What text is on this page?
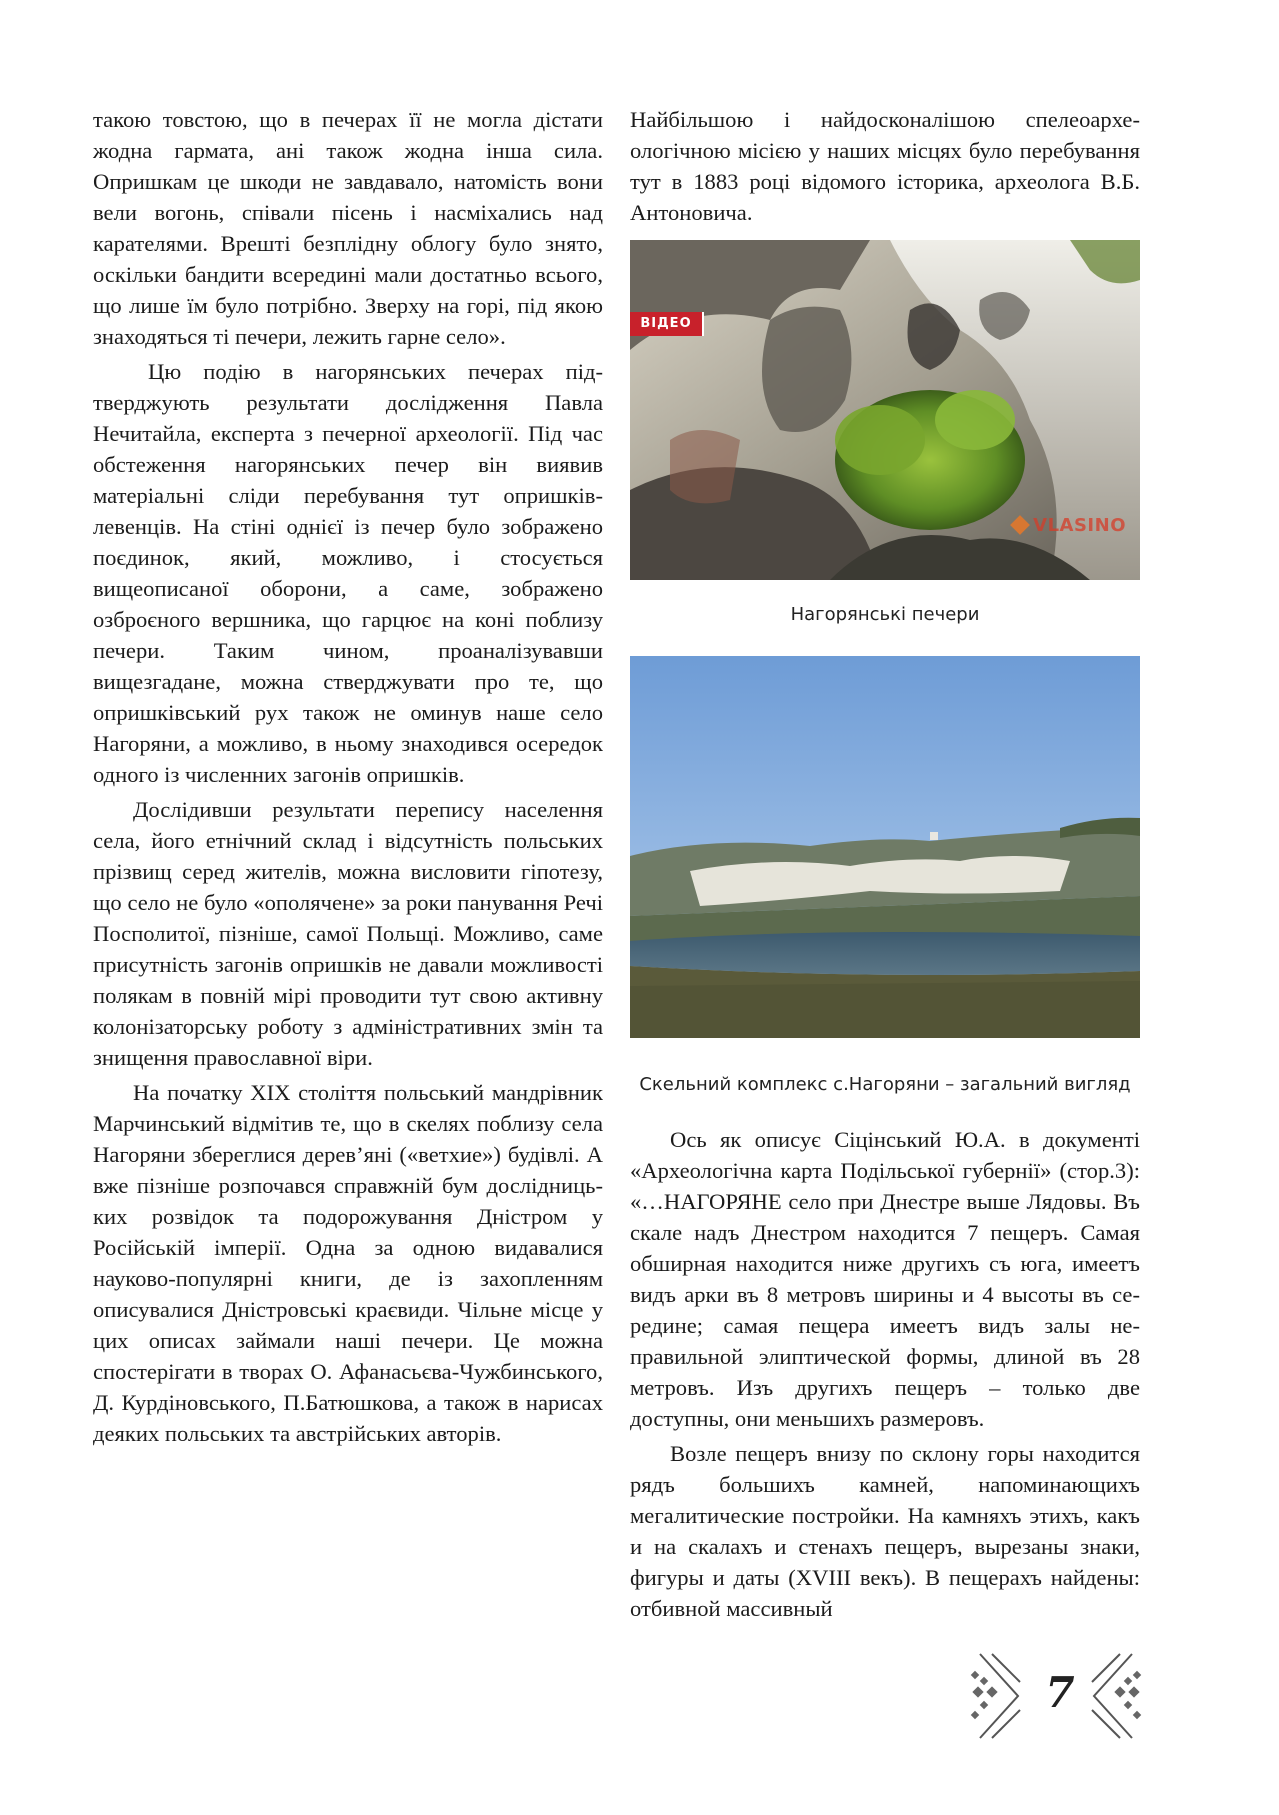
такою товстою, що в печерах її не могла дістати жодна гармата, ані також жодна інша сила. Опришкам це шкоди не завдавало, натомість вони вели вогонь, співали пісень і насміхались над карателями. Врешті безплідну облогу було знято, оскільки бандити всередині мали достатньо всього, що лише їм було потрібно. Зверху на горі, під якою знаходяться ті печери, лежить гарне село».

Цю подію в нагорянських печерах підтверджують результати дослідження Павла Нечитайла, експерта з печерної археології. Під час обстеження нагорянських печер він виявив матеріальні сліди перебування тут опришків-левенців. На стіні однієї із печер було зображено поєдинок, який, можливо, і стосується вищеописаної оборони, а саме, зображено озброєного вершника, що гарцює на коні поблизу печери. Таким чином, проаналізувавши вищезгадане, можна стверджувати про те, що опришківський рух також не оминув наше село Нагоряни, а можливо, в ньому знаходився осередок одного із численних загонів опришків.

Дослідивши результати перепису населення села, його етнічний склад і відсутність польських прізвищ серед жителів, можна висловити гіпотезу, що село не було «ополячене» за роки панування Речі Посполитої, пізніше, самої Польщі. Можливо, саме присутність загонів опришків не давали можливості полякам в повній мірі проводити тут свою активну колонізаторську роботу з адміністративних змін та знищення православної віри.

На початку XIX століття польський мандрівник Марчинський відмітив те, що в скелях поблизу села Нагоряни збереглися дерев’яні («ветхие») будівлі. А вже пізніше розпочався справжній бум дослідницьких розвідок та подорожування Дністром у Російській імперії. Одна за одною видавалися науково-популярні книги, де із захопленням описувалися Дністровські краєвиди. Чільне місце у цих описах займали наші печери. Це можна спостерігати в творах О. Афанасьєва-Чужбинського, Д. Курдіновського, П.Батюшкова, а також в нарисах деяких польських та австрійських авторів.

Найбільшою і найдосконалішою спелеоархеологічною місією у наших місцях було перебування тут в 1883 році відомого історика, археолога В.Б. Антоновича.

ВІДЕО
VLASINO
Нагорянські печери
Скельний комплекс с.Нагоряни – загальний вигляд

Ось як описує Сіцінський Ю.А. в документі «Археологічна карта Подільської губернії» (стор.3): «…НАГОРЯНЕ село при Днестре выше Лядовы. Въ скале надъ Днестром находится 7 пещеръ. Самая обширная находится ниже другихъ съ юга, имеетъ видъ арки въ 8 метровъ ширины и 4 высоты въ середине; самая пещера имеетъ видъ залы неправильной элиптической формы, длиной въ 28 метровъ. Изъ другихъ пещеръ – только две доступны, они меньшихъ размеровъ.

Возле пещеръ внизу по склону горы находится рядъ большихъ камней, напоминающихъ мегалитические постройки. На камняхъ этихъ, какъ и на скалахъ и стенахъ пещеръ, вырезаны знаки, фигуры и даты (XVIII векъ). В пещерахъ найдены: отбивной массивный

7
